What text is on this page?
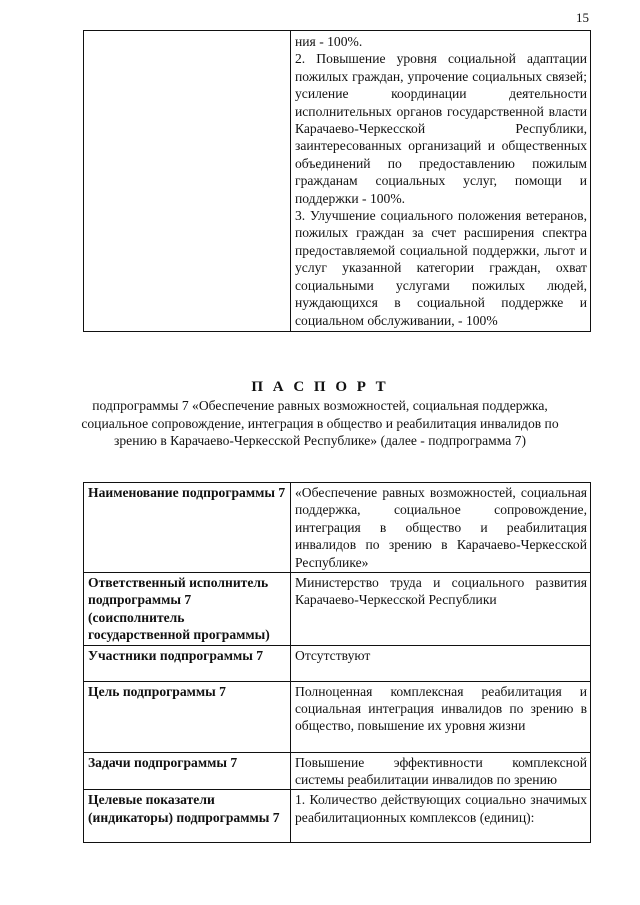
15

ния - 100%.

2. Повышение уровня социальной адаптации пожилых граждан, упрочение социальных связей; усиление координации деятельности исполнительных органов государственной власти Карачаево-Черкесской Республики, заинтересованных организаций и общественных объединений по предоставлению пожилым гражданам социальных услуг, помощи и поддержки - 100%.

3. Улучшение социального положения ветеранов, пожилых граждан за счет расширения спектра предоставляемой социальной поддержки, льгот и услуг указанной категории граждан, охват социальными услугами пожилых людей, нуждающихся в социальной поддержке и социальном обслуживании, - 100%

П А С П О Р Т
подпрограммы 7 «Обеспечение равных возможностей, социальная поддержка, социальное сопровождение, интеграция в общество и реабилитация инвалидов по зрению в Карачаево-Черкесской Республике» (далее - подпрограмма 7)
Наименование подпрограммы 7	«Обеспечение равных возможностей, социальная поддержка, социальное сопровождение, интеграция в общество и реабилитация инвалидов по зрению в Карачаево-Черкесской Республике»
Ответственный исполнитель подпрограммы 7 (соисполнитель государственной программы)	Министерство труда и социального развития Карачаево-Черкесской Республики
Участники подпрограммы 7	Отсутствуют
Цель подпрограммы 7	Полноценная комплексная реабилитация и социальная интеграция инвалидов по зрению в общество, повышение их уровня жизни
Задачи подпрограммы 7	Повышение эффективности комплексной системы реабилитации инвалидов по зрению
Целевые показатели (индикаторы) подпрограммы 7	1. Количество действующих социально значимых реабилитационных комплексов (единиц):
